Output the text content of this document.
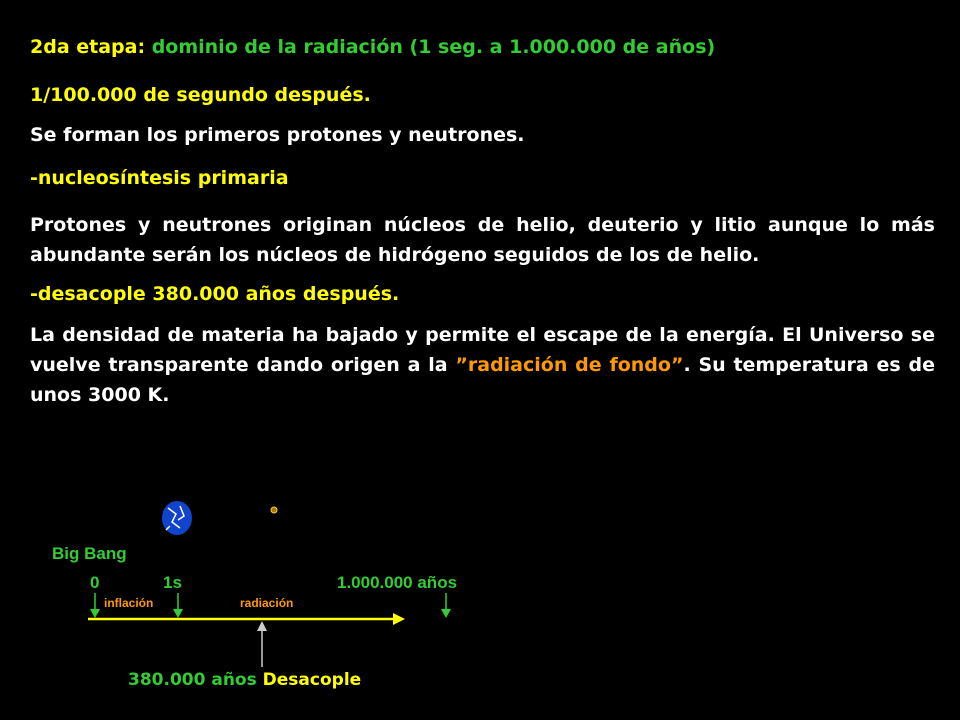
2da etapa: dominio de la radiación (1 seg. a 1.000.000 de años)
1/100.000 de segundo después.
Se forman los primeros protones y neutrones.
-nucleosíntesis primaria
Protones y neutrones originan núcleos de helio, deuterio y litio aunque lo más abundante serán los núcleos de hidrógeno seguidos de los de helio.
-desacople 380.000 años después.
La densidad de materia ha bajado y permite el escape de la energía. El Universo se vuelve transparente dando origen a la ”radiación de fondo”. Su temperatura es de unos 3000 K.
Big Bang
0	1s	1.000.000 años
inflación	radiación
380.000 años Desacople
